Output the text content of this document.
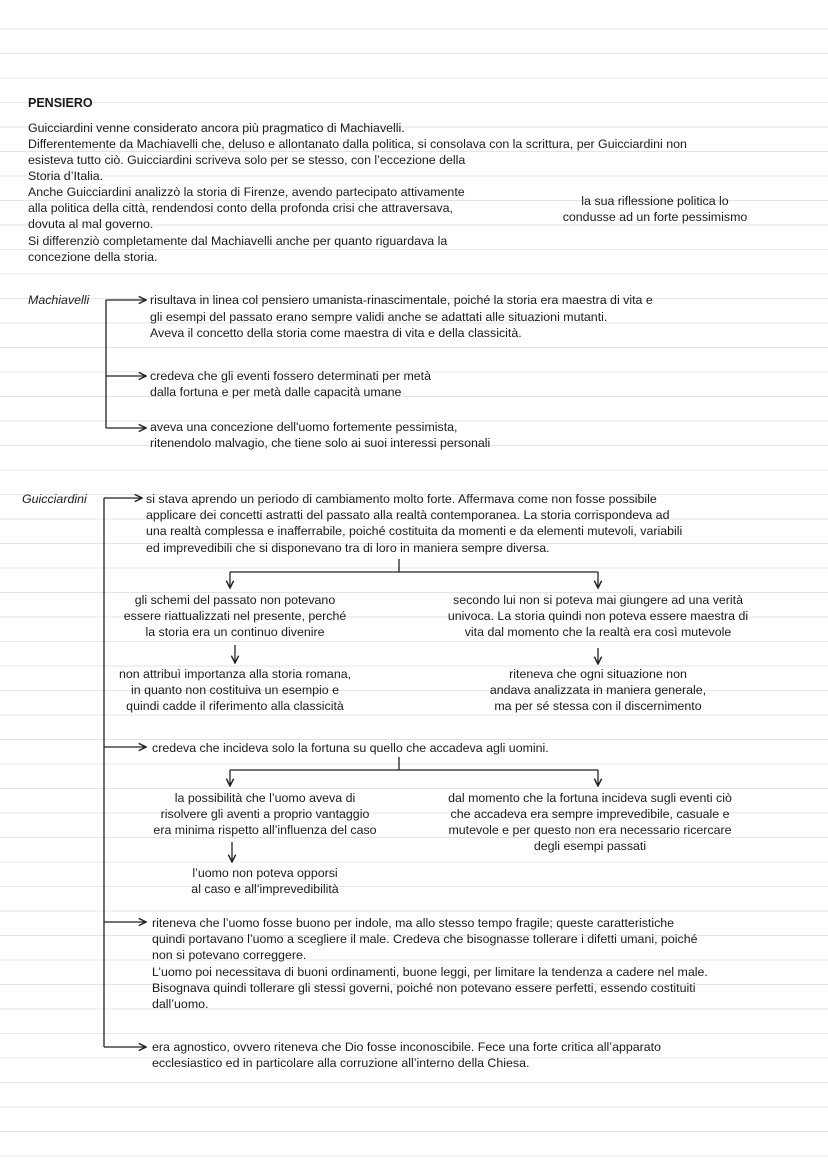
PENSIERO

Guicciardini venne considerato ancora più pragmatico di Machiavelli.

Differentemente da Machiavelli che, deluso e allontanato dalla politica, si consolava con la scrittura, per Guicciardini non

esisteva tutto ciò. Guicciardini scriveva solo per se stesso, con l’eccezione della

Storia d’Italia.

Anche Guicciardini analizzò la storia di Firenze, avendo partecipato attivamente

alla politica della città, rendendosi conto della profonda crisi che attraversava,

dovuta al mal governo.

Si differenziò completamente dal Machiavelli anche per quanto riguardava la

concezione della storia.

la sua riflessione politica lo

condusse ad un forte pessimismo

Machiavelli	risultava in linea col pensiero umanista-rinascimentale, poiché la storia era maestra di vita e

gli esempi del passato erano sempre validi anche se adattati alle situazioni mutanti.

Aveva il concetto della storia come maestra di vita e della classicità.

credeva che gli eventi fossero determinati per metà

dalla fortuna e per metà dalle capacità umane

aveva una concezione dell'uomo fortemente pessimista,

ritenendolo malvagio, che tiene solo ai suoi interessi personali

Guicciardini	si stava aprendo un periodo di cambiamento molto forte. Affermava come non fosse possibile

applicare dei concetti astratti del passato alla realtà contemporanea. La storia corrispondeva ad

una realtà complessa e inafferrabile, poiché costituita da momenti e da elementi mutevoli, variabili

ed imprevedibili che si disponevano tra di loro in maniera sempre diversa.

gli schemi del passato non potevano

essere riattualizzati nel presente, perché

la storia era un continuo divenire

non attribuì importanza alla storia romana,

in quanto non costituiva un esempio e

quindi cadde il riferimento alla classicità

secondo lui non si poteva mai giungere ad una verità

univoca. La storia quindi non poteva essere maestra di

vita dal momento che la realtà era così mutevole

riteneva che ogni situazione non

andava analizzata in maniera generale,

ma per sé stessa con il discernimento

credeva che incideva solo la fortuna su quello che accadeva agli uomini.

la possibilità che l’uomo aveva di

risolvere gli aventi a proprio vantaggio

era minima rispetto all’influenza del caso

l’uomo non poteva opporsi

al caso e all’imprevedibilità

dal momento che la fortuna incideva sugli eventi ciò

che accadeva era sempre imprevedibile, casuale e

mutevole e per questo non era necessario ricercare

degli esempi passati

riteneva che l’uomo fosse buono per indole, ma allo stesso tempo fragile; queste caratteristiche

quindi portavano l’uomo a scegliere il male. Credeva che bisognasse tollerare i difetti umani, poiché

non si potevano correggere.

L’uomo poi necessitava di buoni ordinamenti, buone leggi, per limitare la tendenza a cadere nel male.

Bisognava quindi tollerare gli stessi governi, poiché non potevano essere perfetti, essendo costituiti

dall’uomo.

era agnostico, ovvero riteneva che Dio fosse inconoscibile. Fece una forte critica all’apparato

ecclesiastico ed in particolare alla corruzione all’interno della Chiesa.
